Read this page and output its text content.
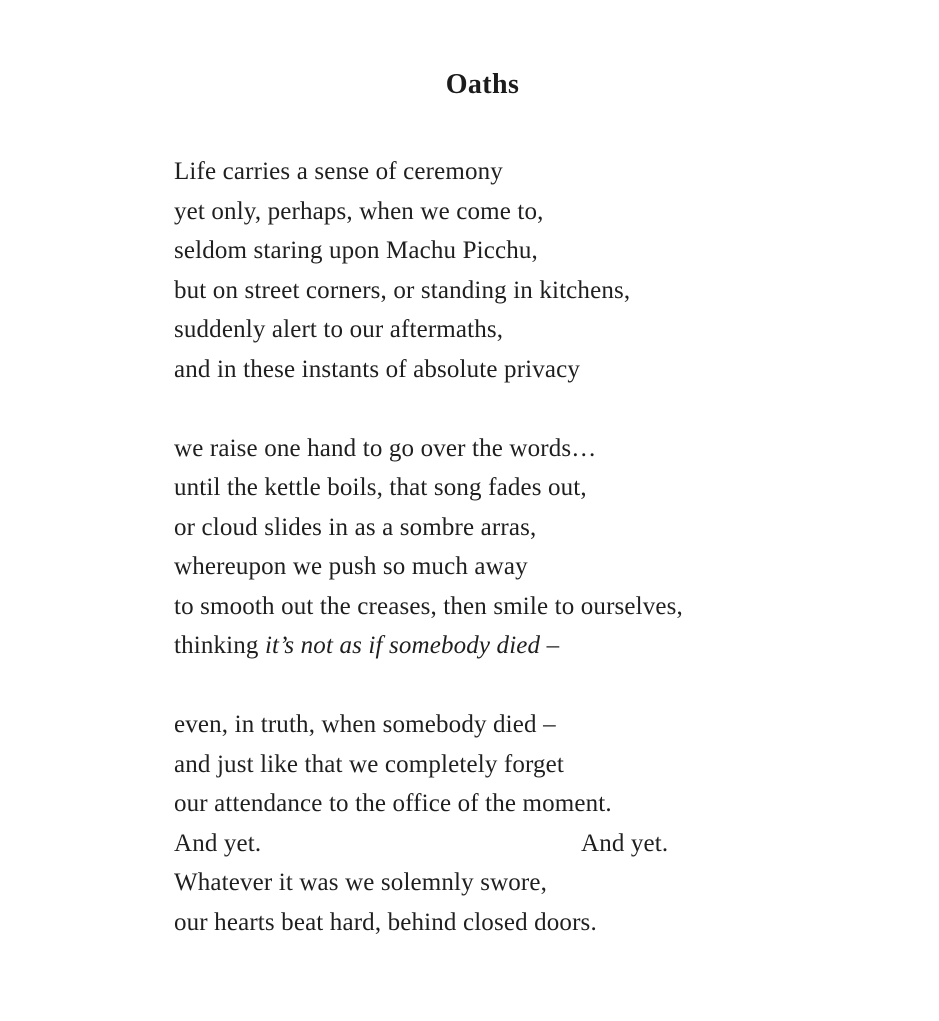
Oaths
Life carries a sense of ceremony
yet only, perhaps, when we come to,
seldom staring upon Machu Picchu,
but on street corners, or standing in kitchens,
suddenly alert to our aftermaths,
and in these instants of absolute privacy
we raise one hand to go over the words…
until the kettle boils, that song fades out,
or cloud slides in as a sombre arras,
whereupon we push so much away
to smooth out the creases, then smile to ourselves,
thinking it’s not as if somebody died –
even, in truth, when somebody died –
and just like that we completely forget
our attendance to the office of the moment.
And yet.	And yet.
Whatever it was we solemnly swore,
our hearts beat hard, behind closed doors.
